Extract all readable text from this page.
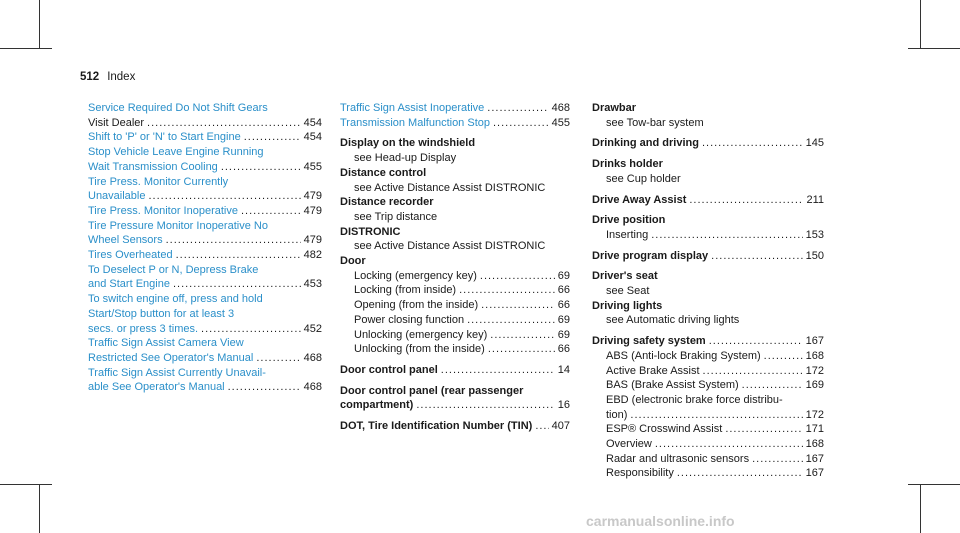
512 Index
Service Required Do Not Shift Gears
Visit Dealer .....	454
Shift to 'P' or 'N' to Start Engine .....	454
Stop Vehicle Leave Engine Running
Wait Transmission Cooling .....	455
Tire Press. Monitor Currently
Unavailable .....	479
Tire Press. Monitor Inoperative .....	479
Tire Pressure Monitor Inoperative No
Wheel Sensors .....	479
Tires Overheated .....	482
To Deselect P or N, Depress Brake
and Start Engine .....	453
To switch engine off, press and hold
Start/Stop button for at least 3
secs. or press 3 times. .....	452
Traffic Sign Assist Camera View
Restricted See Operator's Manual .....	468
Traffic Sign Assist Currently Unavail-
able See Operator's Manual .....	468
Traffic Sign Assist Inoperative .....	468
Transmission Malfunction Stop .....	455
Display on the windshield
see Head-up Display
Distance control
see Active Distance Assist DISTRONIC
Distance recorder
see Trip distance
DISTRONIC
see Active Distance Assist DISTRONIC
Door
Locking (emergency key) .....	69
Locking (from inside) .....	66
Opening (from the inside) .....	66
Power closing function .....	69
Unlocking (emergency key) .....	69
Unlocking (from the inside) .....	66
Door control panel .....	14
Door control panel (rear passenger
compartment) .....	16
DOT, Tire Identification Number (TIN) ..... 407
Drawbar
see Tow-bar system
Drinking and driving .....	145
Drinks holder
see Cup holder
Drive Away Assist .....	211
Drive position
Inserting .....	153
Drive program display .....	150
Driver's seat
see Seat
Driving lights
see Automatic driving lights
Driving safety system .....	167
ABS (Anti-lock Braking System) .....	168
Active Brake Assist .....	172
BAS (Brake Assist System) .....	169
EBD (electronic brake force distribu-
tion) .....	172
ESP® Crosswind Assist .....	171
Overview .....	168
Radar and ultrasonic sensors .....	167
Responsibility .....	167
carmanualsonline.info
